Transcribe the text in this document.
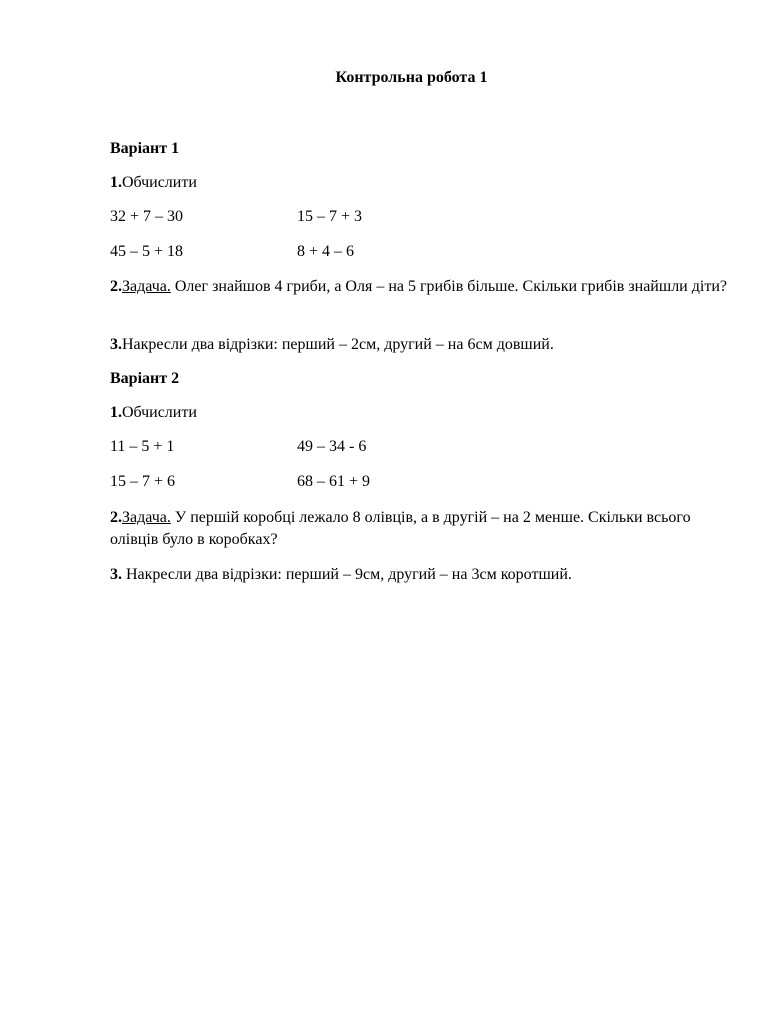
Контрольна робота 1
Варіант 1
1.Обчислити
32 + 7 – 30	15 – 7 + 3
45 – 5 + 18	8 + 4 – 6
2.Задача. Олег знайшов 4 гриби, а Оля – на 5 грибів більше. Скільки грибів знайшли діти?
3.Накресли два відрізки: перший – 2см, другий – на 6см довший.
Варіант 2
1.Обчислити
11 – 5 + 1	49 – 34 - 6
15 – 7 + 6	68 – 61 + 9
2.Задача. У першій коробці лежало 8 олівців, а в другій – на 2 менше. Скільки всього олівців було в коробках?
3. Накресли два відрізки: перший – 9см, другий – на 3см коротший.
